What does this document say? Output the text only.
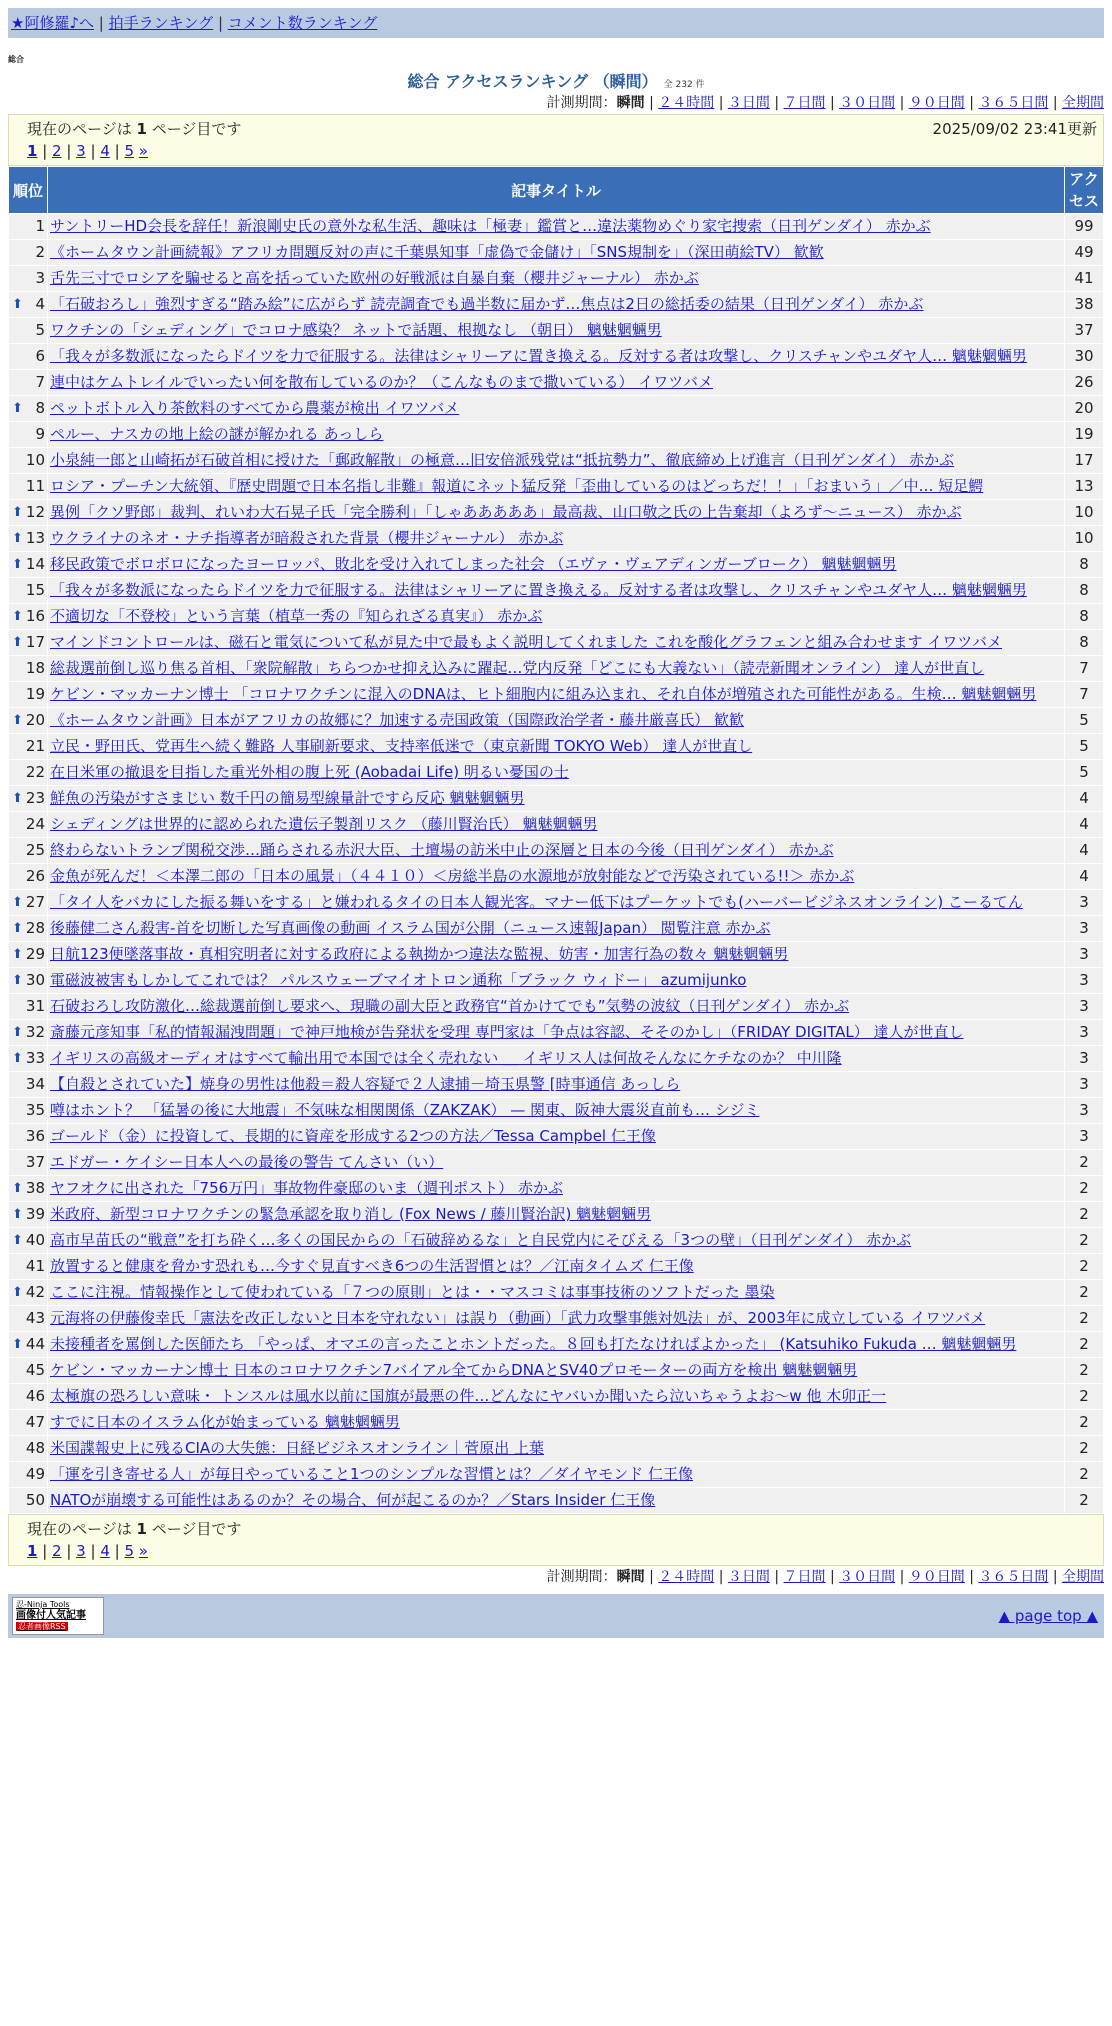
★阿修羅♪へ | 拍手ランキング | コメント数ランキング
総合
総合 アクセスランキング （瞬間） 全 232 件
計測期間：瞬間 | ２４時間 | ３日間 | ７日間 | ３０日間 | ９０日間 | ３６５日間 | 全期間
現在のページは 1 ページ目です	2025/09/02 23:41更新
1 | 2 | 3 | 4 | 5 »
順位	記事タイトル	アクセス
1	サントリーHD会長を辞任！新浪剛史氏の意外な私生活、趣味は「極妻」鑑賞と…違法薬物めぐり家宅捜索（日刊ゲンダイ） 赤かぶ	99
2	《ホームタウン計画続報》アフリカ問題反対の声に千葉県知事「虚偽で金儲け」「SNS規制を」（深田萌絵TV） 歓歓	49
3	舌先三寸でロシアを騙せると高を括っていた欧州の好戦派は自暴自棄（櫻井ジャーナル） 赤かぶ	41

⬆ 4	「石破おろし」強烈すぎる“踏み絵”に広がらず 読売調査でも過半数に届かず…焦点は2日の総括委の結果（日刊ゲンダイ） 赤かぶ	38
5	ワクチンの「シェディング」でコロナ感染？ ネットで話題、根拠なし （朝日） 魑魅魍魎男	37
6	「我々が多数派になったらドイツを力で征服する。法律はシャリーアに置き換える。反対する者は攻撃し、クリスチャンやユダヤ人… 魑魅魍魎男	30
7	連中はケムトレイルでいったい何を散布しているのか？（こんなものまで撒いている） イワツバメ	26

⬆ 8	ペットボトル入り茶飲料のすべてから農薬が検出 イワツバメ	20
9	ペルー、ナスカの地上絵の謎が解かれる あっしら	19
10	小泉純一郎と山崎拓が石破首相に授けた「郵政解散」の極意…旧安倍派残党は“抵抗勢力”、徹底締め上げ進言（日刊ゲンダイ） 赤かぶ	17
11	ロシア・プーチン大統領、『歴史問題で日本名指し非難』報道にネット猛反発「歪曲しているのはどっちだ！！」「おまいう」／中… 短足鰐	13

⬆ 12	異例「クソ野郎」裁判、れいわ大石晃子氏「完全勝利」「しゃあああああ」最高裁、山口敬之氏の上告棄却（よろず〜ニュース） 赤かぶ	10

⬆ 13	ウクライナのネオ・ナチ指導者が暗殺された背景（櫻井ジャーナル） 赤かぶ	10

⬆ 14	移民政策でボロボロになったヨーロッパ、敗北を受け入れてしまった社会 （エヴァ・ヴェアディンガーブローク） 魑魅魍魎男	8
15	「我々が多数派になったらドイツを力で征服する。法律はシャリーアに置き換える。反対する者は攻撃し、クリスチャンやユダヤ人… 魑魅魍魎男	8

⬆ 16	不適切な「不登校」という言葉（植草一秀の『知られざる真実』） 赤かぶ	8

⬆ 17	マインドコントロールは、磁石と電気について私が見た中で最もよく説明してくれました これを酸化グラフェンと組み合わせます イワツバメ	8
18	総裁選前倒し巡り焦る首相、「衆院解散」ちらつかせ抑え込みに躍起…党内反発「どこにも大義ない」（読売新聞オンライン） 達人が世直し	7
19	ケビン・マッカーナン博士 「コロナワクチンに混入のDNAは、ヒト細胞内に組み込まれ、それ自体が増殖された可能性がある。生検… 魑魅魍魎男	7

⬆ 20	《ホームタウン計画》日本がアフリカの故郷に？加速する売国政策（国際政治学者・藤井厳喜氏） 歓歓	5
21	立民・野田氏、党再生へ続く難路 人事刷新要求、支持率低迷で（東京新聞 TOKYO Web） 達人が世直し	5
22	在日米軍の撤退を目指した重光外相の腹上死 (Aobadai Life) 明るい憂国の士	5

⬆ 23	鮮魚の汚染がすさまじい 数千円の簡易型線量計ですら反応 魑魅魍魎男	4
24	シェディングは世界的に認められた遺伝子製剤リスク （藤川賢治氏） 魑魅魍魎男	4
25	終わらないトランプ関税交渉…踊らされる赤沢大臣、土壇場の訪米中止の深層と日本の今後（日刊ゲンダイ） 赤かぶ	4
26	金魚が死んだ！＜本澤二郎の「日本の風景」（４４１０）＜房総半島の水源地が放射能などで汚染されている!!＞ 赤かぶ	4

⬆ 27	「タイ人をバカにした振る舞いをする」と嫌われるタイの日本人観光客。マナー低下はプーケットでも(ハーバービジネスオンライン) こーるてん	3

⬆ 28	後藤健二さん殺害-首を切断した写真画像の動画 イスラム国が公開（ニュース速報Japan） 閲覧注意 赤かぶ	3

⬆ 29	日航123便墜落事故・真相究明者に対する政府による執拗かつ違法な監視、妨害・加害行為の数々 魑魅魍魎男	3

⬆ 30	電磁波被害もしかしてこれでは？ パルスウェーブマイオトロン通称「ブラック ウィドー」 azumijunko	3
31	石破おろし攻防激化…総裁選前倒し要求へ、現職の副大臣と政務官“首かけてでも”気勢の波紋（日刊ゲンダイ） 赤かぶ	3

⬆ 32	斎藤元彦知事「私的情報漏洩問題」で神戸地検が告発状を受理 専門家は「争点は容認、そそのかし」（FRIDAY DIGITAL） 達人が世直し	3

⬆ 33	イギリスの高級オーディオはすべて輸出用で本国では全く売れない ＿ イギリス人は何故そんなにケチなのか？ 中川隆	3
34	【自殺とされていた】焼身の男性は他殺＝殺人容疑で２人逮捕－埼玉県警 [時事通信 あっしら	3
35	噂はホント？ 「猛暑の後に大地震」不気味な相関関係（ZAKZAK） — 関東、阪神大震災直前も… シジミ	3
36	ゴールド（金）に投資して、長期的に資産を形成する2つの方法／Tessa Campbel 仁王像	3
37	エドガー・ケイシー日本人への最後の警告 てんさい（い）	2

⬆ 38	ヤフオクに出された「756万円」事故物件豪邸のいま（週刊ポスト） 赤かぶ	2

⬆ 39	米政府、新型コロナワクチンの緊急承認を取り消し (Fox News / 藤川賢治訳) 魑魅魍魎男	2

⬆ 40	高市早苗氏の“戦意”を打ち砕く…多くの国民からの「石破辞めるな」と自民党内にそびえる「3つの壁」（日刊ゲンダイ） 赤かぶ	2
41	放置すると健康を脅かす恐れも…今すぐ見直すべき6つの生活習慣とは？／江南タイムズ 仁王像	2

⬆ 42	ここに注視。情報操作として使われている「７つの原則」とは・・マスコミは事事技術のソフトだった 墨染	2
43	元海将の伊藤俊幸氏「憲法を改正しないと日本を守れない」は誤り（動画）「武力攻撃事態対処法」が、2003年に成立している イワツバメ	2

⬆ 44	未接種者を罵倒した医師たち 「やっぱ、オマエの言ったことホントだった。８回も打たなければよかった」 (Katsuhiko Fukuda … 魑魅魍魎男	2
45	ケビン・マッカーナン博士 日本のコロナワクチン7バイアル全てからDNAとSV40プロモーターの両方を検出 魑魅魍魎男	2
46	太極旗の恐ろしい意味・ トンスルは風水以前に国旗が最悪の件…どんなにヤバいか聞いたら泣いちゃうよお〜w 他 木卯正一	2
47	すでに日本のイスラム化が始まっている 魑魅魍魎男	2
48	米国諜報史上に残るCIAの大失態：日経ビジネスオンライン｜菅原出 上葉	2
49	「運を引き寄せる人」が毎日やっていること1つのシンプルな習慣とは？／ダイヤモンド 仁王像	2
50	NATOが崩壊する可能性はあるのか？その場合、何が起こるのか？／Stars Insider 仁王像	2
現在のページは 1 ページ目です
1 | 2 | 3 | 4 | 5 »
計測期間：瞬間 | ２４時間 | ３日間 | ７日間 | ３０日間 | ９０日間 | ３６５日間 | 全期間
忍-Ninja Tools
画像付人気記事
忍者画像RSS
▲ page top ▲
